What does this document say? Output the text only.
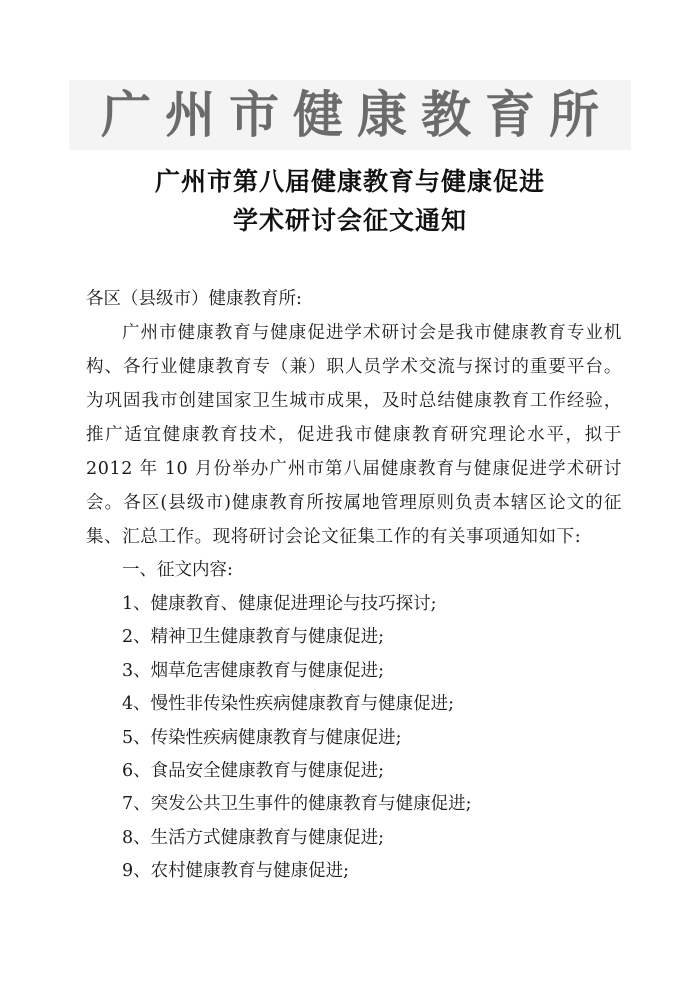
广州市健康教育所
广州市第八届健康教育与健康促进
学术研讨会征文通知
各区（县级市）健康教育所:
广州市健康教育与健康促进学术研讨会是我市健康教育专业机构、各行业健康教育专（兼）职人员学术交流与探讨的重要平台。为巩固我市创建国家卫生城市成果，及时总结健康教育工作经验，推广适宜健康教育技术，促进我市健康教育研究理论水平，拟于 2012 年 10 月份举办广州市第八届健康教育与健康促进学术研讨会。各区(县级市)健康教育所按属地管理原则负责本辖区论文的征集、汇总工作。现将研讨会论文征集工作的有关事项通知如下:
一、征文内容:
1、健康教育、健康促进理论与技巧探讨;
2、精神卫生健康教育与健康促进;
3、烟草危害健康教育与健康促进;
4、慢性非传染性疾病健康教育与健康促进;
5、传染性疾病健康教育与健康促进;
6、食品安全健康教育与健康促进;
7、突发公共卫生事件的健康教育与健康促进;
8、生活方式健康教育与健康促进;
9、农村健康教育与健康促进;
